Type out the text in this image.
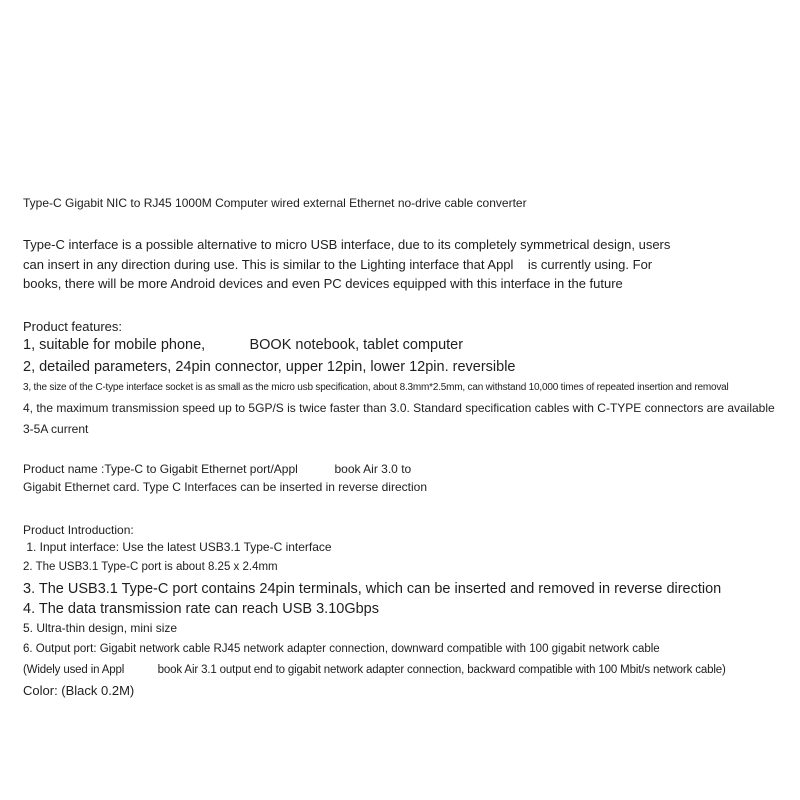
Type-C Gigabit NIC to RJ45 1000M Computer wired external Ethernet no-drive cable converter
Type-C interface is a possible alternative to micro USB interface, due to its completely symmetrical design, users
can insert in any direction during use. This is similar to the Lighting interface that Appl    is currently using. For
books, there will be more Android devices and even PC devices equipped with this interface in the future
Product features:
1, suitable for mobile phone,           BOOK notebook, tablet computer
2, detailed parameters, 24pin connector, upper 12pin, lower 12pin. reversible
3, the size of the C-type interface socket is as small as the micro usb specification, about 8.3mm*2.5mm, can withstand 10,000 times of repeated insertion and removal
4, the maximum transmission speed up to 5GP/S is twice faster than 3.0. Standard specification cables with C-TYPE connectors are available
3-5A current
Product name :Type-C to Gigabit Ethernet port/Appl           book Air 3.0 to
Gigabit Ethernet card. Type C Interfaces can be inserted in reverse direction
Product Introduction:
1. Input interface: Use the latest USB3.1 Type-C interface
2. The USB3.1 Type-C port is about 8.25 x 2.4mm
3. The USB3.1 Type-C port contains 24pin terminals, which can be inserted and removed in reverse direction
4. The data transmission rate can reach USB 3.10Gbps
5. Ultra-thin design, mini size
6. Output port: Gigabit network cable RJ45 network adapter connection, downward compatible with 100 gigabit network cable
(Widely used in Appl           book Air 3.1 output end to gigabit network adapter connection, backward compatible with 100 Mbit/s network cable)
Color: (Black 0.2M)
